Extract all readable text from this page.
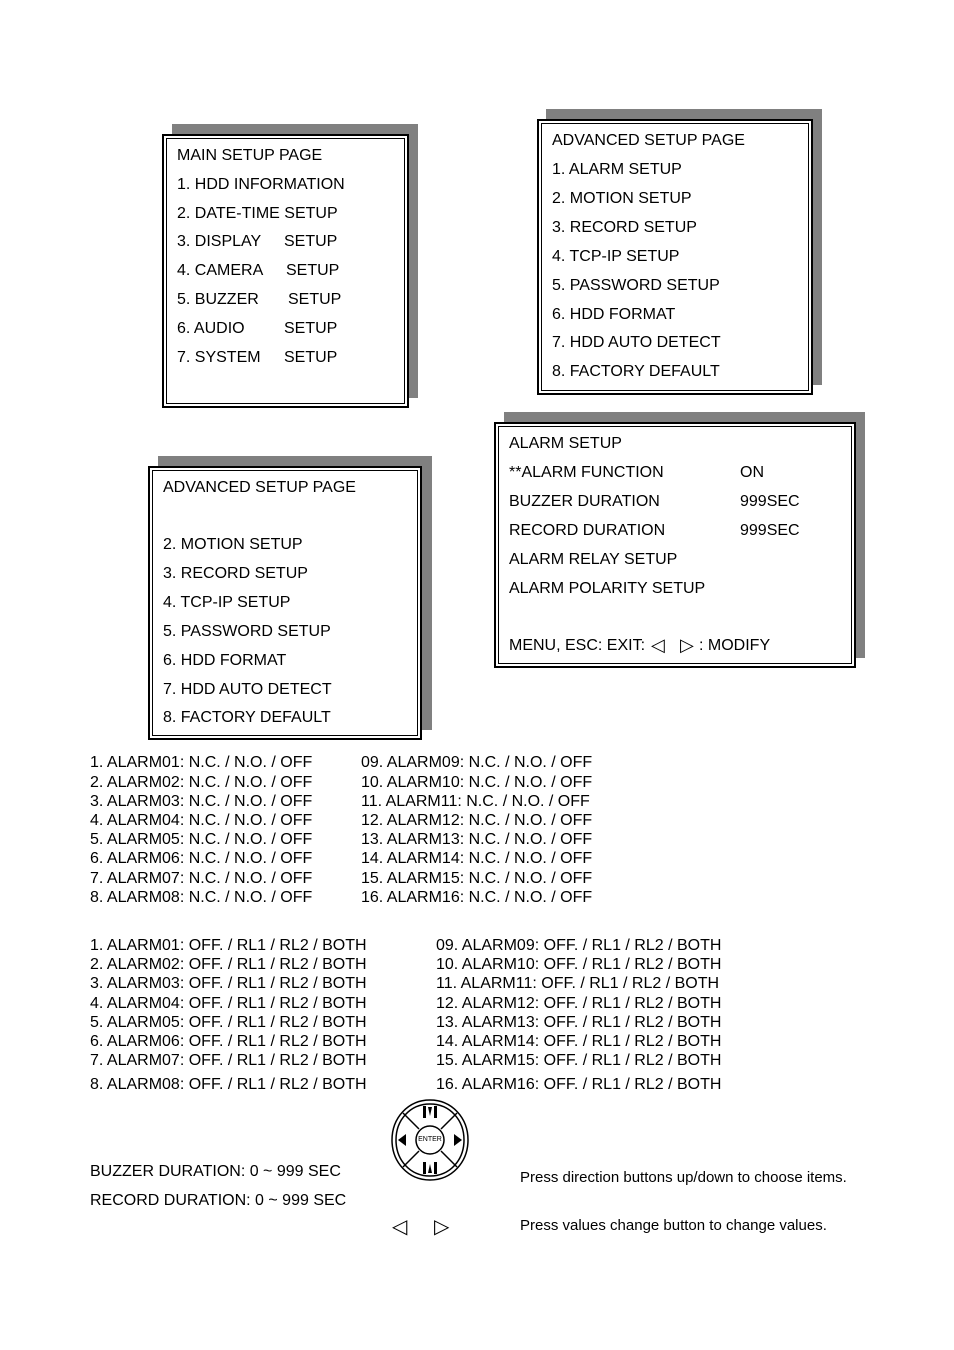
MAIN SETUP PAGE
1. HDD INFORMATION
2. DATE-TIME SETUP
3. DISPLAY SETUP
4. CAMERA SETUP
5. BUZZER SETUP
6. AUDIO SETUP
7. SYSTEM SETUP
ADVANCED SETUP PAGE
1. ALARM SETUP
2. MOTION SETUP
3. RECORD SETUP
4. TCP-IP SETUP
5. PASSWORD SETUP
6. HDD FORMAT
7. HDD AUTO DETECT
8. FACTORY DEFAULT
ADVANCED SETUP PAGE
2. MOTION SETUP
3. RECORD SETUP
4. TCP-IP SETUP
5. PASSWORD SETUP
6. HDD FORMAT
7. HDD AUTO DETECT
8. FACTORY DEFAULT
ALARM SETUP
**ALARM FUNCTION	ON
BUZZER DURATION	999SEC
RECORD DURATION	999SEC
ALARM RELAY SETUP
ALARM POLARITY SETUP
MENU, ESC: EXIT: ◁ ▷ : MODIFY
1. ALARM01: N.C. / N.O. / OFF
2. ALARM02: N.C. / N.O. / OFF
3. ALARM03: N.C. / N.O. / OFF
4. ALARM04: N.C. / N.O. / OFF
5. ALARM05: N.C. / N.O. / OFF
6. ALARM06: N.C. / N.O. / OFF
7. ALARM07: N.C. / N.O. / OFF
8. ALARM08: N.C. / N.O. / OFF
09. ALARM09: N.C. / N.O. / OFF
10. ALARM10: N.C. / N.O. / OFF
11. ALARM11: N.C. / N.O. / OFF
12. ALARM12: N.C. / N.O. / OFF
13. ALARM13: N.C. / N.O. / OFF
14. ALARM14: N.C. / N.O. / OFF
15. ALARM15: N.C. / N.O. / OFF
16. ALARM16: N.C. / N.O. / OFF
1. ALARM01: OFF. / RL1 / RL2 / BOTH
2. ALARM02: OFF. / RL1 / RL2 / BOTH
3. ALARM03: OFF. / RL1 / RL2 / BOTH
4. ALARM04: OFF. / RL1 / RL2 / BOTH
5. ALARM05: OFF. / RL1 / RL2 / BOTH
6. ALARM06: OFF. / RL1 / RL2 / BOTH
7. ALARM07: OFF. / RL1 / RL2 / BOTH
8. ALARM08: OFF. / RL1 / RL2 / BOTH
09. ALARM09: OFF. / RL1 / RL2 / BOTH
10. ALARM10: OFF. / RL1 / RL2 / BOTH
11. ALARM11: OFF. / RL1 / RL2 / BOTH
12. ALARM12: OFF. / RL1 / RL2 / BOTH
13. ALARM13: OFF. / RL1 / RL2 / BOTH
14. ALARM14: OFF. / RL1 / RL2 / BOTH
15. ALARM15: OFF. / RL1 / RL2 / BOTH
16. ALARM16: OFF. / RL1 / RL2 / BOTH
ENTER
BUZZER DURATION: 0 ~ 999 SEC
RECORD DURATION: 0 ~ 999 SEC
◁ ▷
Press direction buttons up/down to choose items.
Press values change button to change values.
